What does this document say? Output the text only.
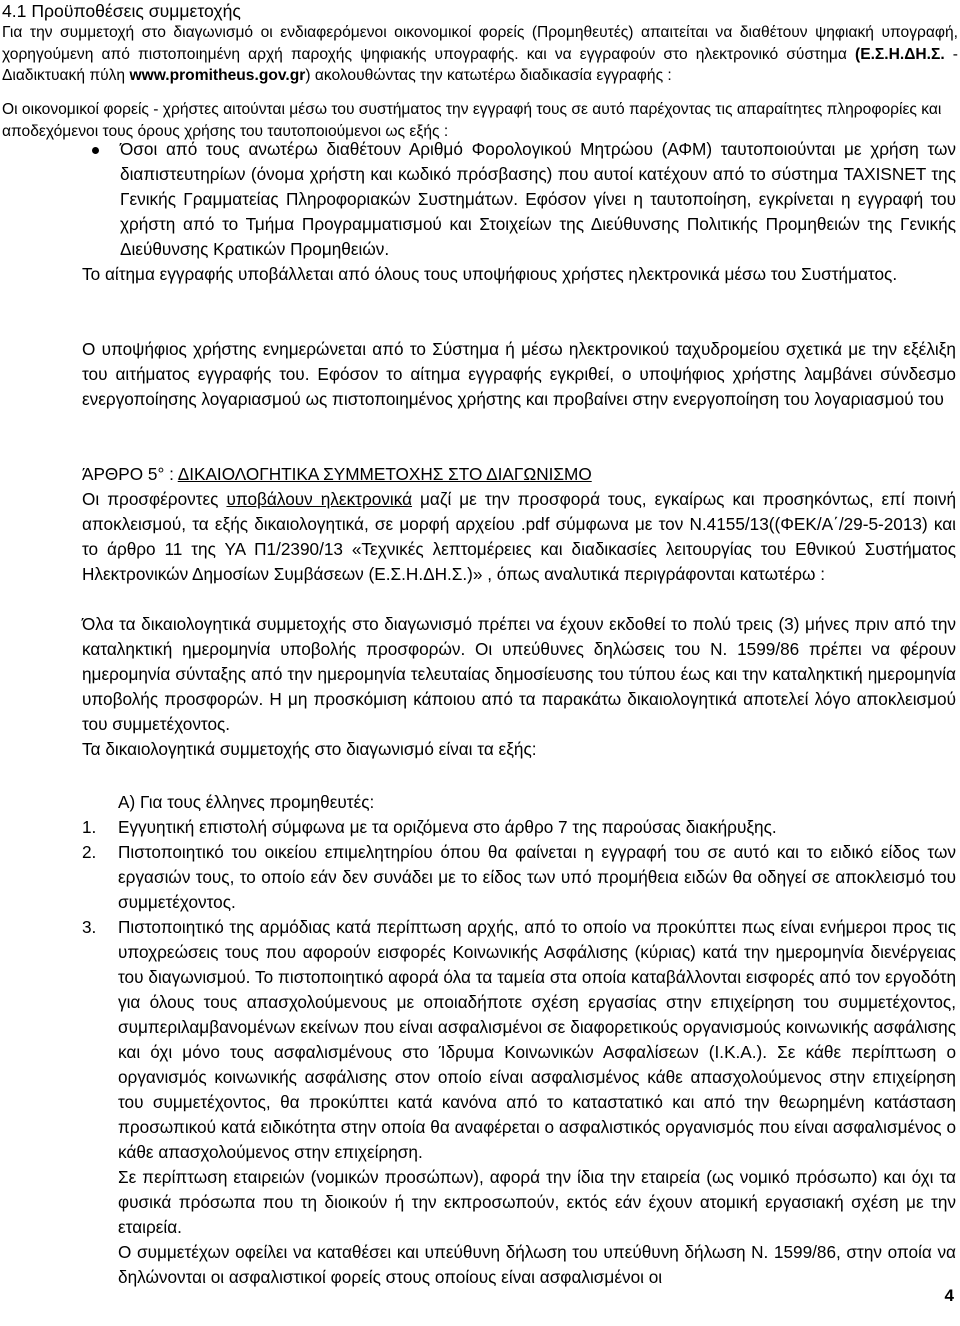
4.1 Προϋποθέσεις συμμετοχής

Για την συμμετοχή στο διαγωνισμό οι ενδιαφερόμενοι οικονομικοί φορείς (Προμηθευτές) απαιτείται να διαθέτουν ψηφιακή υπογραφή, χορηγούμενη από πιστοποιημένη αρχή παροχής ψηφιακής υπογραφής. και να εγγραφούν στο ηλεκτρονικό σύστημα (Ε.Σ.Η.ΔΗ.Σ. - Διαδικτυακή πύλη www.promitheus.gov.gr) ακολουθώντας την κατωτέρω διαδικασία εγγραφής :

Οι οικονομικοί φορείς - χρήστες αιτούνται μέσω του συστήματος την εγγραφή τους σε αυτό παρέχοντας τις απαραίτητες πληροφορίες και αποδεχόμενοι τους όρους χρήσης του ταυτοποιούμενοι ως εξής :

Όσοι από τους ανωτέρω διαθέτουν Αριθμό Φορολογικού Μητρώου (ΑΦΜ) ταυτοποιούνται με χρήση των διαπιστευτηρίων (όνομα χρήστη και κωδικό πρόσβασης) που αυτοί κατέχουν από το σύστημα TAXISNET της Γενικής Γραμματείας Πληροφοριακών Συστημάτων. Εφόσον γίνει η ταυτοποίηση, εγκρίνεται η εγγραφή του χρήστη από το Τμήμα Προγραμματισμού και Στοιχείων της Διεύθυνσης Πολιτικής Προμηθειών της Γενικής Διεύθυνσης Κρατικών Προμηθειών.

Το αίτημα εγγραφής υποβάλλεται από όλους τους υποψήφιους χρήστες ηλεκτρονικά μέσω του Συστήματος.

Ο υποψήφιος χρήστης ενημερώνεται από το Σύστημα ή μέσω ηλεκτρονικού ταχυδρομείου σχετικά με την εξέλιξη του αιτήματος εγγραφής του. Εφόσον το αίτημα εγγραφής εγκριθεί, ο υποψήφιος χρήστης λαμβάνει σύνδεσμο ενεργοποίησης λογαριασμού ως πιστοποιημένος χρήστης και προβαίνει στην ενεργοποίηση του λογαριασμού του

ΆΡΘΡΟ 5° : ΔΙΚΑΙΟΛΟΓΗΤΙΚΑ ΣΥΜΜΕΤΟΧΗΣ ΣΤΟ ΔΙΑΓΩΝΙΣΜΟ

Οι προσφέροντες υποβάλουν ηλεκτρονικά μαζί με την προσφορά τους, εγκαίρως και προσηκόντως, επί ποινή αποκλεισμού, τα εξής δικαιολογητικά, σε μορφή αρχείου .pdf σύμφωνα με τον Ν.4155/13((ΦΕΚ/Α΄/29-5-2013) και το άρθρο 11 της ΥΑ Π1/2390/13 «Τεχνικές λεπτομέρειες και διαδικασίες λειτουργίας του Εθνικού Συστήματος Ηλεκτρονικών Δημοσίων Συμβάσεων (Ε.Σ.Η.ΔΗ.Σ.)» , όπως αναλυτικά περιγράφονται κατωτέρω :

Όλα τα δικαιολογητικά συμμετοχής στο διαγωνισμό πρέπει να έχουν εκδοθεί το πολύ τρεις (3) μήνες πριν από την καταληκτική ημερομηνία υποβολής προσφορών. Οι υπεύθυνες δηλώσεις του Ν. 1599/86 πρέπει να φέρουν ημερομηνία σύνταξης από την ημερομηνία τελευταίας δημοσίευσης του τύπου έως και την καταληκτική ημερομηνία υποβολής προσφορών. Η μη προσκόμιση κάποιου από τα παρακάτω δικαιολογητικά αποτελεί λόγο αποκλεισμού του συμμετέχοντος.

Τα δικαιολογητικά συμμετοχής στο διαγωνισμό είναι τα εξής:

Α) Για τους έλληνες προμηθευτές:

1. Εγγυητική επιστολή σύμφωνα με τα οριζόμενα στο άρθρο 7 της παρούσας διακήρυξης.

2. Πιστοποιητικό του οικείου επιμελητηρίου όπου θα φαίνεται η εγγραφή του σε αυτό και το ειδικό είδος των εργασιών τους, το οποίο εάν δεν συνάδει με το είδος των υπό προμήθεια ειδών θα οδηγεί σε αποκλεισμό του συμμετέχοντος.

3. Πιστοποιητικό της αρμόδιας κατά περίπτωση αρχής, από το οποίο να προκύπτει πως είναι ενήμεροι προς τις υποχρεώσεις τους που αφορούν εισφορές Κοινωνικής Ασφάλισης (κύριας) κατά την ημερομηνία διενέργειας του διαγωνισμού. Το πιστοποιητικό αφορά όλα τα ταμεία στα οποία καταβάλλονται εισφορές από τον εργοδότη για όλους τους απασχολούμενους με οποιαδήποτε σχέση εργασίας στην επιχείρηση του συμμετέχοντος, συμπεριλαμβανομένων εκείνων που είναι ασφαλισμένοι σε διαφορετικούς οργανισμούς κοινωνικής ασφάλισης και όχι μόνο τους ασφαλισμένους στο Ίδρυμα Κοινωνικών Ασφαλίσεων (Ι.Κ.Α.). Σε κάθε περίπτωση ο οργανισμός κοινωνικής ασφάλισης στον οποίο είναι ασφαλισμένος κάθε απασχολούμενος στην επιχείρηση του συμμετέχοντος, θα προκύπτει κατά κανόνα από το καταστατικό και από την θεωρημένη κατάσταση προσωπικού κατά ειδικότητα στην οποία θα αναφέρεται ο ασφαλιστικός οργανισμός που είναι ασφαλισμένος ο κάθε απασχολούμενος στην επιχείρηση.

Σε περίπτωση εταιρειών (νομικών προσώπων), αφορά την ίδια την εταιρεία (ως νομικό πρόσωπο) και όχι τα φυσικά πρόσωπα που τη διοικούν ή την εκπροσωπούν, εκτός εάν έχουν ατομική εργασιακή σχέση με την εταιρεία.

Ο συμμετέχων οφείλει να καταθέσει και υπεύθυνη δήλωση του υπεύθυνη δήλωση Ν. 1599/86, στην οποία να δηλώνονται οι ασφαλιστικοί φορείς στους οποίους είναι ασφαλισμένοι οι

4
